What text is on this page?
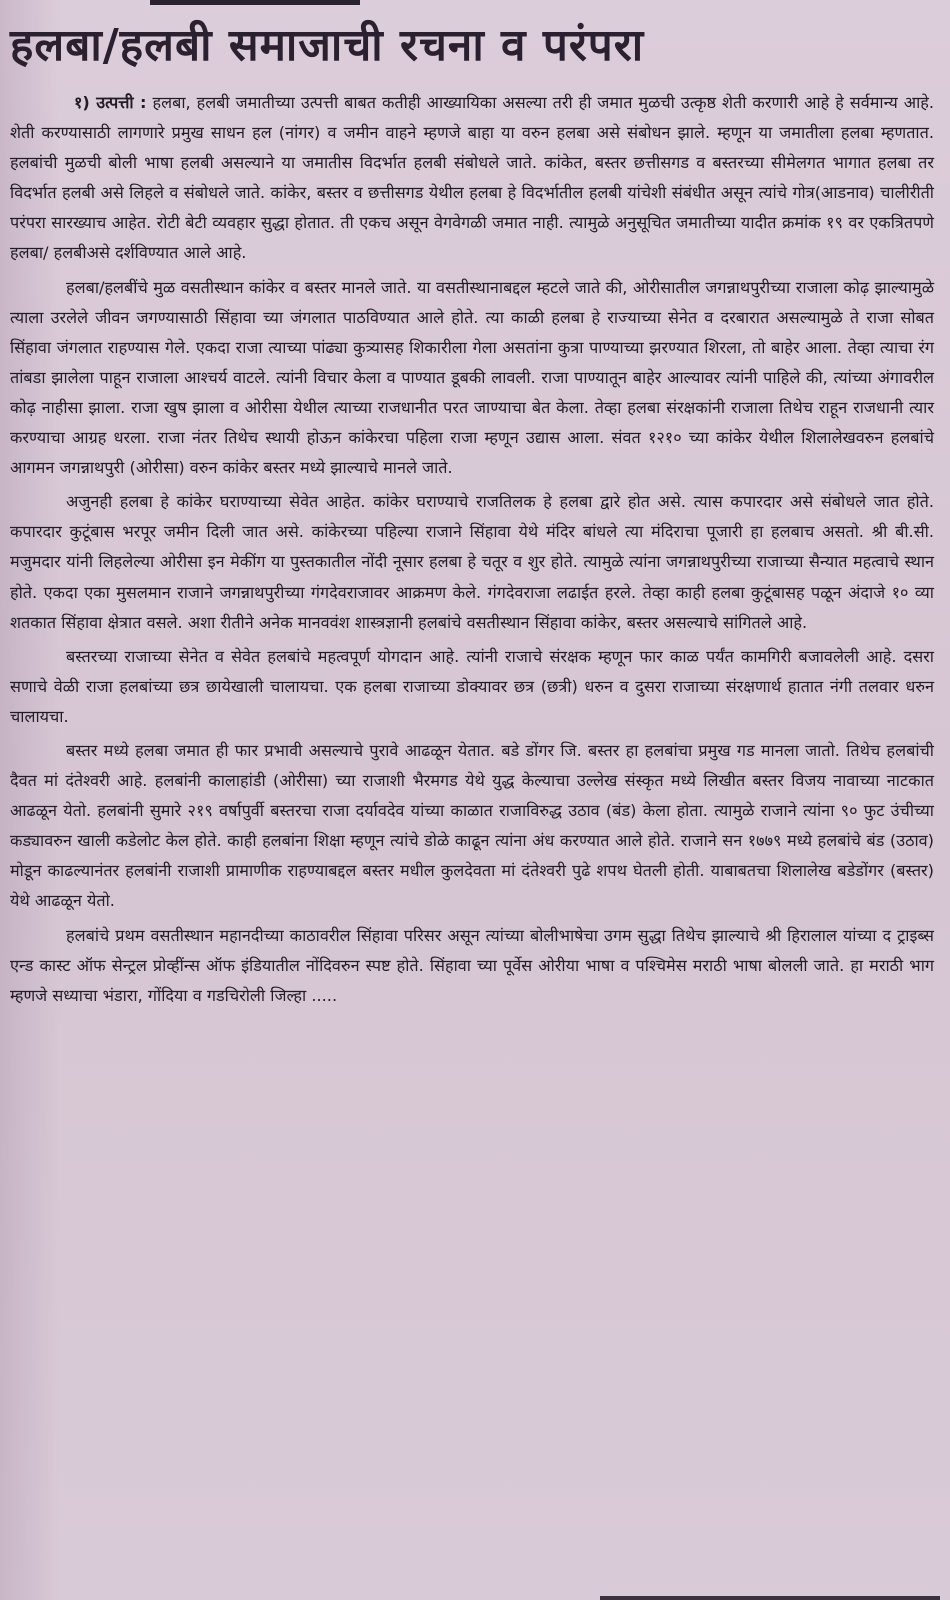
हलबा/हलबी समाजाची रचना व परंपरा

१) उत्पत्ती : हलबा, हलबी जमातीच्या उत्पत्ती बाबत कतीही आख्यायिका असल्या तरी ही जमात मुळची उत्कृष्ठ शेती करणारी आहे हे सर्वमान्य आहे. शेती करण्यासाठी लागणारे प्रमुख साधन हल (नांगर) व जमीन वाहने म्हणजे बाहा या वरुन हलबा असे संबोधन झाले. म्हणून या जमातीला हलबा म्हणतात. हलबांची मुळची बोली भाषा हलबी असल्याने या जमातीस विदर्भात हलबी संबोधले जाते. कांकेत, बस्तर छत्तीसगड व बस्तरच्या सीमेलगत भागात हलबा तर विदर्भात हलबी असे लिहले व संबोधले जाते. कांकेर, बस्तर व छत्तीसगड येथील हलबा हे विदर्भातील हलबी यांचेशी संबंधीत असून त्यांचे गोत्र(आडनाव) चालीरीती परंपरा सारख्याच आहेत. रोटी बेटी व्यवहार सुद्धा होतात. ती एकच असून वेगवेगळी जमात नाही. त्यामुळे अनुसूचित जमातीच्या यादीत क्रमांक १९ वर एकत्रितपणे हलबा/ हलबीअसे दर्शविण्यात आले आहे.

हलबा/हलबींचे मुळ वसतीस्थान कांकेर व बस्तर मानले जाते. या वसतीस्थानाबद्दल म्हटले जाते की, ओरीसातील जगन्नाथपुरीच्या राजाला कोढ़ झाल्यामुळे त्याला उरलेले जीवन जगण्यासाठी सिंहावा च्या जंगलात पाठविण्यात आले होते. त्या काळी हलबा हे राज्याच्या सेनेत व दरबारात असल्यामुळे ते राजा सोबत सिंहावा जंगलात राहण्यास गेले. एकदा राजा त्याच्या पांढ्या कुत्र्यासह शिकारीला गेला असतांना कुत्रा पाण्याच्या झरण्यात शिरला, तो बाहेर आला. तेव्हा त्याचा रंग तांबडा झालेला पाहून राजाला आश्चर्य वाटले. त्यांनी विचार केला व पाण्यात डूबकी लावली. राजा पाण्यातून बाहेर आल्यावर त्यांनी पाहिले की, त्यांच्या अंगावरील कोढ़ नाहीसा झाला. राजा खुष झाला व ओरीसा येथील त्याच्या राजधानीत परत जाण्याचा बेत केला. तेव्हा हलबा संरक्षकांनी राजाला तिथेच राहून राजधानी त्यार करण्याचा आग्रह धरला. राजा नंतर तिथेच स्थायी होऊन कांकेरचा पहिला राजा म्हणून उद्यास आला. संवत १२१० च्या कांकेर येथील शिलालेखवरुन हलबांचे आगमन जगन्नाथपुरी (ओरीसा) वरुन कांकेर बस्तर मध्ये झाल्याचे मानले जाते.

अजुनही हलबा हे कांकेर घराण्याच्या सेवेत आहेत. कांकेर घराण्याचे राजतिलक हे हलबा द्वारे होत असे. त्यास कपारदार असे संबोधले जात होते. कपारदार कुटूंबास भरपूर जमीन दिली जात असे. कांकेरच्या पहिल्या राजाने सिंहावा येथे मंदिर बांधले त्या मंदिराचा पूजारी हा हलबाच असतो. श्री बी.सी. मजुमदार यांनी लिहलेल्या ओरीसा इन मेकींग या पुस्तकातील नोंदी नूसार हलबा हे चतूर व शुर होते. त्यामुळे त्यांना जगन्नाथपुरीच्या राजाच्या सैन्यात महत्वाचे स्थान होते. एकदा एका मुसलमान राजाने जगन्नाथपुरीच्या गंगदेवराजावर आक्रमण केले. गंगदेवराजा लढाईत हरले. तेव्हा काही हलबा कुटूंबासह पळून अंदाजे १० व्या शतकात सिंहावा क्षेत्रात वसले. अशा रीतीने अनेक मानववंश शास्त्रज्ञानी हलबांचे वसतीस्थान सिंहावा कांकेर, बस्तर असल्याचे सांगितले आहे.

बस्तरच्या राजाच्या सेनेत व सेवेत हलबांचे महत्वपूर्ण योगदान आहे. त्यांनी राजाचे संरक्षक म्हणून फार काळ पर्यंत कामगिरी बजावलेली आहे. दसरा सणाचे वेळी राजा हलबांच्या छत्र छायेखाली चालायचा. एक हलबा राजाच्या डोक्यावर छत्र (छत्री) धरुन व दुसरा राजाच्या संरक्षणार्थ हातात नंगी तलवार धरुन चालायचा.

बस्तर मध्ये हलबा जमात ही फार प्रभावी असल्याचे पुरावे आढळून येतात. बडे डोंगर जि. बस्तर हा हलबांचा प्रमुख गड मानला जातो. तिथेच हलबांची दैवत मां दंतेश्वरी आहे. हलबांनी कालाहांडी (ओरीसा) च्या राजाशी भैरमगड येथे युद्ध केल्याचा उल्लेख संस्कृत मध्ये लिखीत बस्तर विजय नावाच्या नाटकात आढळून येतो. हलबांनी सुमारे २१९ वर्षापुर्वी बस्तरचा राजा दर्यावदेव यांच्या काळात राजाविरुद्ध उठाव (बंड) केला होता. त्यामुळे राजाने त्यांना ९० फुट उंचीच्या कड्यावरुन खाली कडेलोट केल होते. काही हलबांना शिक्षा म्हणून त्यांचे डोळे काढून त्यांना अंध करण्यात आले होते. राजाने सन १७७९ मध्ये हलबांचे बंड (उठाव) मोडून काढल्यानंतर हलबांनी राजाशी प्रामाणीक राहण्याबद्दल बस्तर मधील कुलदेवता मां दंतेश्वरी पुढे शपथ घेतली होती. याबाबतचा शिलालेख बडेडोंगर (बस्तर) येथे आढळून येतो.

हलबांचे प्रथम वसतीस्थान महानदीच्या काठावरील सिंहावा परिसर असून त्यांच्या बोलीभाषेचा उगम सुद्धा तिथेच झाल्याचे श्री हिरालाल यांच्या द ट्राइब्स एन्ड कास्ट ऑफ सेन्ट्रल प्रोव्हींन्स ऑफ इंडियातील नोंदिवरुन स्पष्ट होते. सिंहावा च्या पूर्वेस ओरीया भाषा व पश्चिमेस मराठी भाषा बोलली जाते. हा मराठी भाग म्हणजे सध्याचा भंडारा, गोंदिया व गडचिरोली जिल्हा .....
